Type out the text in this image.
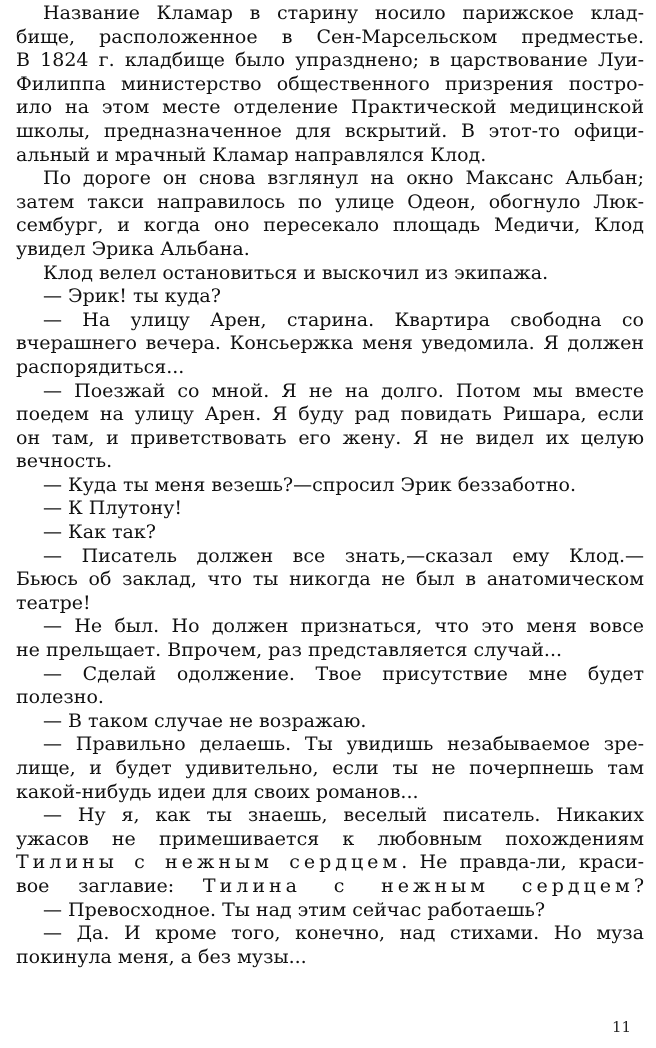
Название Кламар в старину носило парижское клад-
бище, расположенное в Сен-Марсельском предместье.
В 1824 г. кладбище было упразднено; в царствование Луи-
Филиппа министерство общественного призрения постро-
ило на этом месте отделение Практической медицинской
школы, предназначенное для вскрытий. В этот-то офици-
альный и мрачный Кламар направлялся Клод.
По дороге он снова взглянул на окно Максанс Альбан;
затем такси направилось по улице Одеон, обогнуло Люк-
сембург, и когда оно пересекало площадь Медичи, Клод
увидел Эрика Альбана.
Клод велел остановиться и выскочил из экипажа.
— Эрик! ты куда?
— На улицу Арен, старина. Квартира свободна со
вчерашнего вечера. Консьержка меня уведомила. Я должен
распорядиться...
— Поезжай со мной. Я не на долго. Потом мы вместе
поедем на улицу Арен. Я буду рад повидать Ришара, если
он там, и приветствовать его жену. Я не видел их целую
вечность.
— Куда ты меня везешь?—спросил Эрик беззаботно.
— К Плутону!
— Как так?
— Писатель должен все знать,—сказал ему Клод.—
Бьюсь об заклад, что ты никогда не был в анатомическом
театре!
— Не был. Но должен признаться, что это меня вовсе
не прельщает. Впрочем, раз представляется случай...
— Сделай одолжение. Твое присутствие мне будет
полезно.
— В таком случае не возражаю.
— Правильно делаешь. Ты увидишь незабываемое зре-
лище, и будет удивительно, если ты не почерпнешь там
какой-нибудь идеи для своих романов...
— Ну я, как ты знаешь, веселый писатель. Никаких
ужасов не примешивается к любовным похождениям
Тилины с нежным сердцем. Не правда-ли, краси-
вое заглавие: Тилина с нежным сердцем?
— Превосходное. Ты над этим сейчас работаешь?
— Да. И кроме того, конечно, над стихами. Но муза
покинула меня, а без музы...
11
